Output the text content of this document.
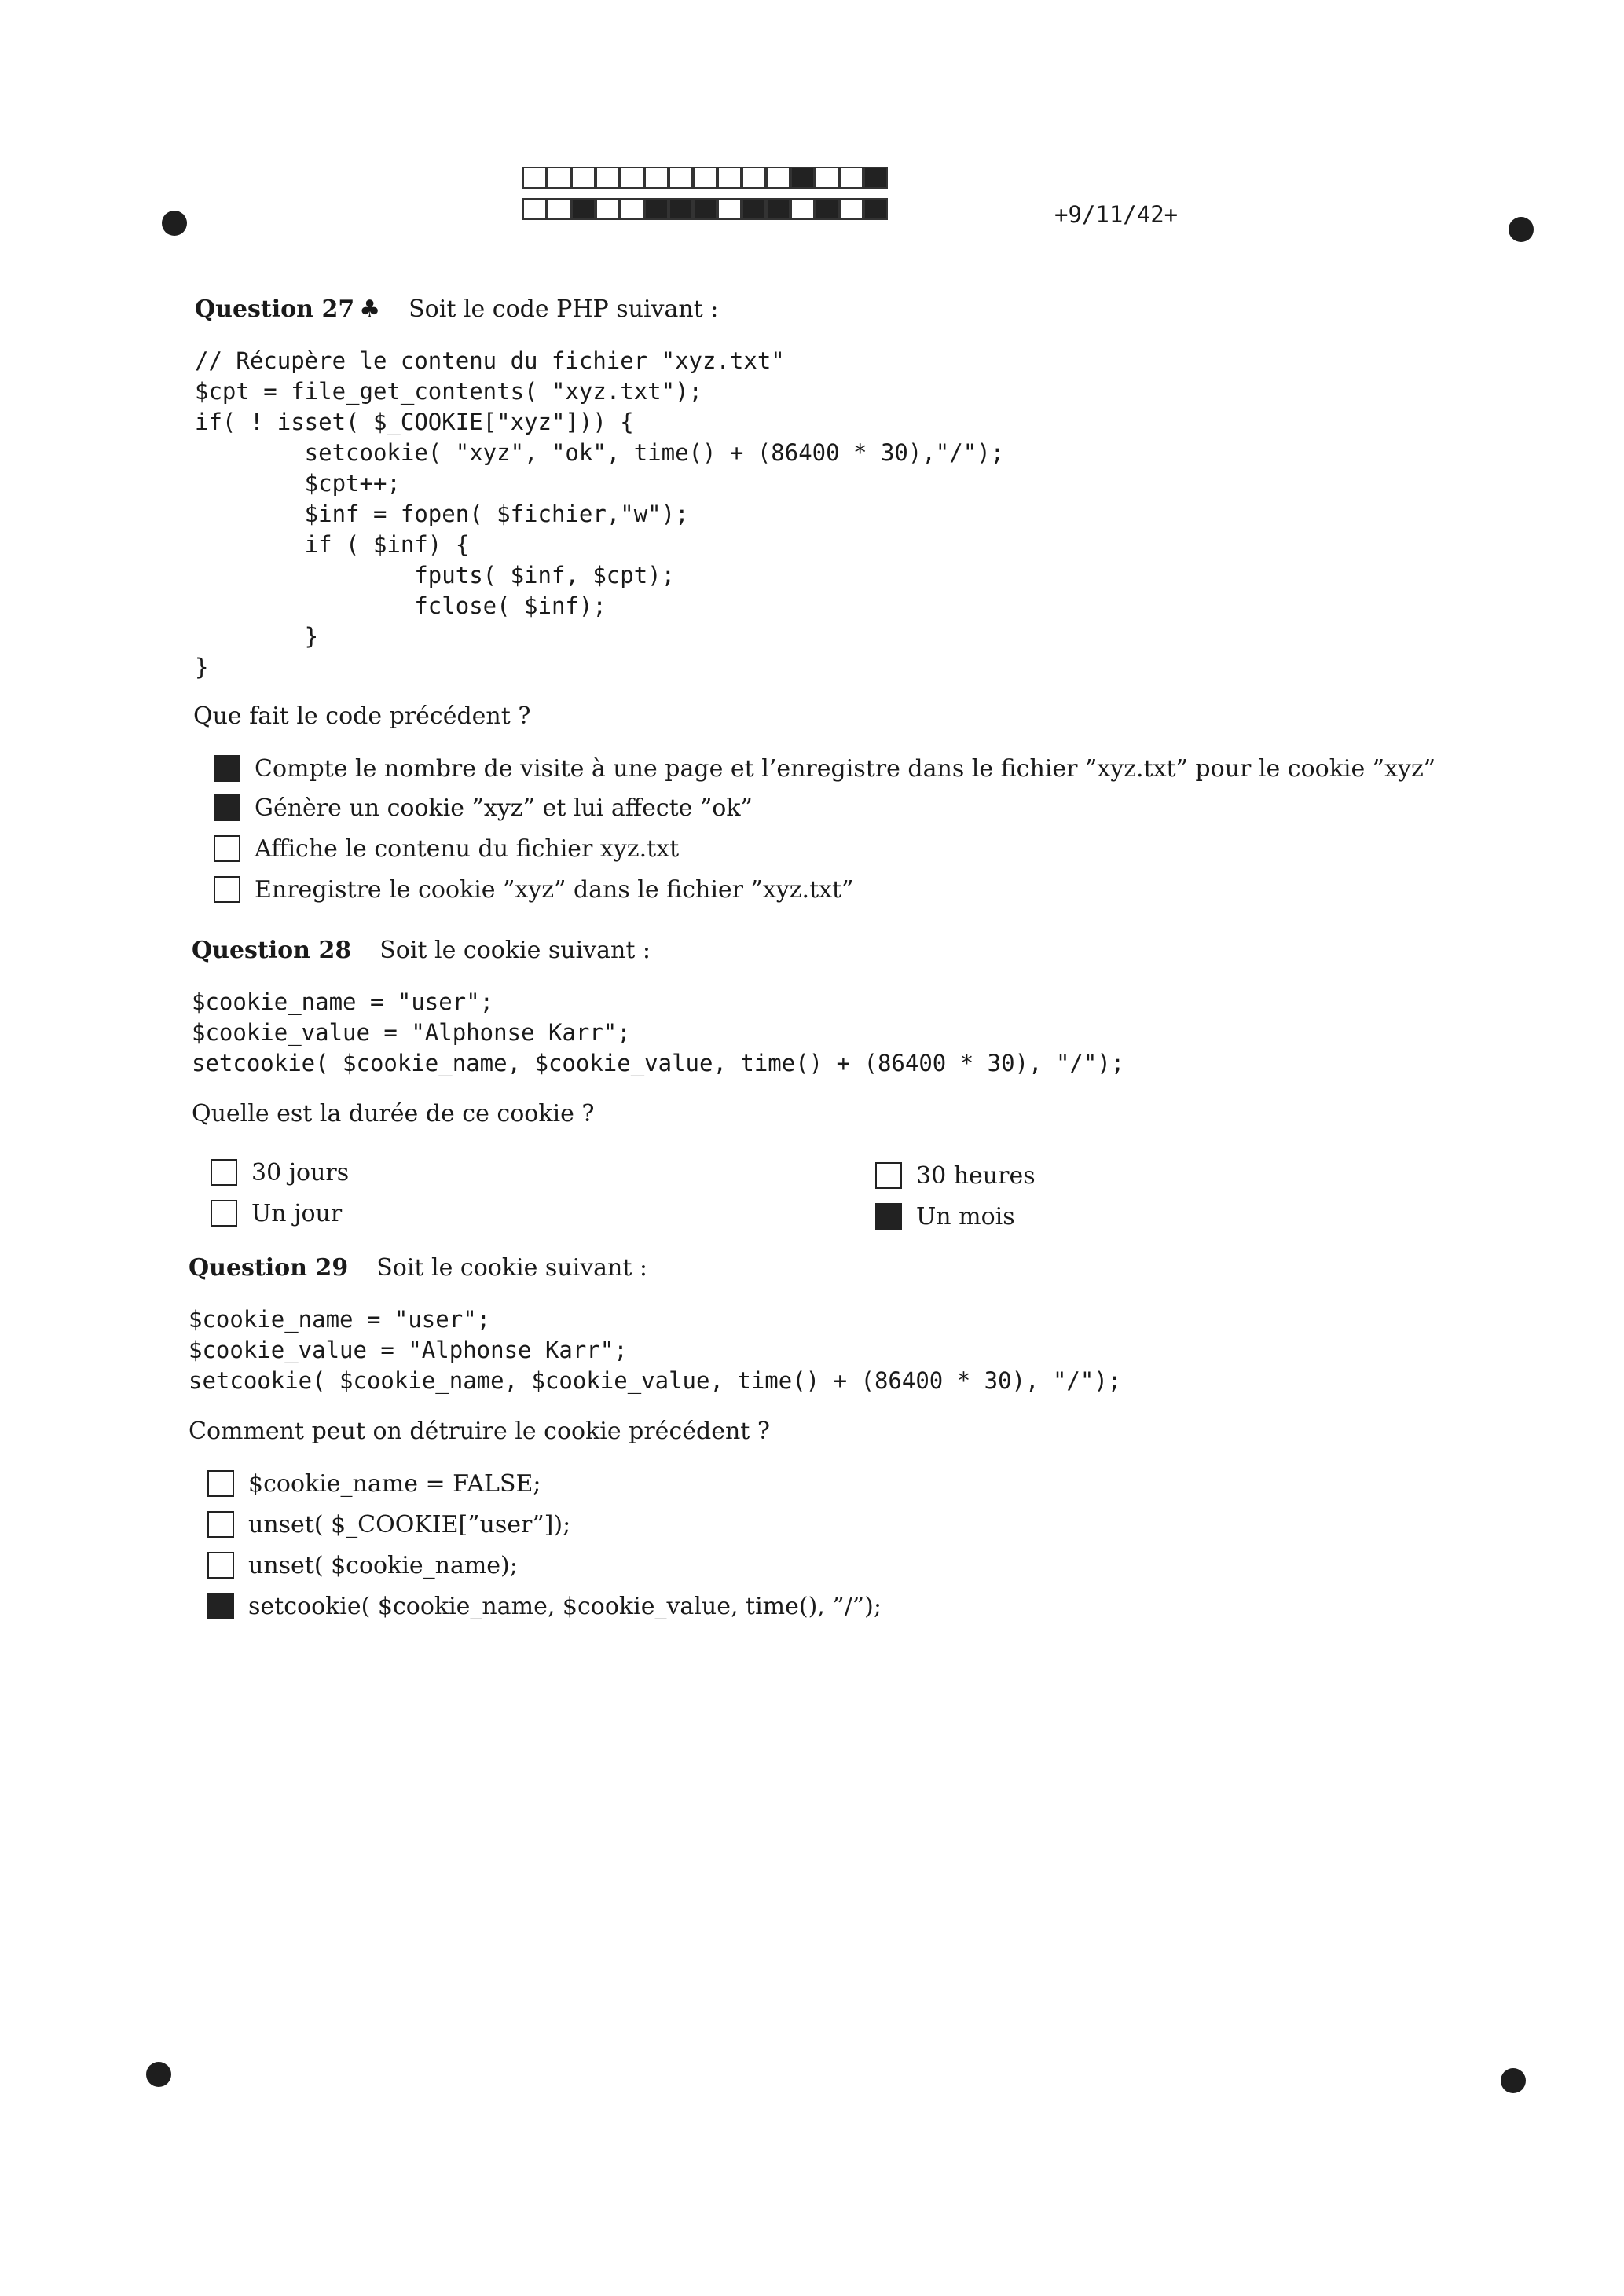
+9/11/42+
Question 27 ♣ Soit le code PHP suivant :
// Récupère le contenu du fichier "xyz.txt"
$cpt = file_get_contents( "xyz.txt");
if( ! isset( $_COOKIE["xyz"])) {
setcookie( "xyz", "ok", time() + (86400 * 30),"/");
$cpt++;
$inf = fopen( $fichier,"w");
if ( $inf) {
fputs( $inf, $cpt);
fclose( $inf);
}
}
Que fait le code précédent ?
Compte le nombre de visite à une page et l’enregistre dans le fichier ”xyz.txt” pour le cookie ”xyz”
Génère un cookie ”xyz” et lui affecte ”ok”
Affiche le contenu du fichier xyz.txt
Enregistre le cookie ”xyz” dans le fichier ”xyz.txt”
Question 28 Soit le cookie suivant :
$cookie_name = "user";
$cookie_value = "Alphonse Karr";
setcookie( $cookie_name, $cookie_value, time() + (86400 * 30), "/");
Quelle est la durée de ce cookie ?
30 jours
Un jour
30 heures
Un mois
Question 29 Soit le cookie suivant :
$cookie_name = "user";
$cookie_value = "Alphonse Karr";
setcookie( $cookie_name, $cookie_value, time() + (86400 * 30), "/");
Comment peut on détruire le cookie précédent ?
$cookie_name = FALSE;
unset( $_COOKIE[”user”]);
unset( $cookie_name);
setcookie( $cookie_name, $cookie_value, time(), ”/”);
